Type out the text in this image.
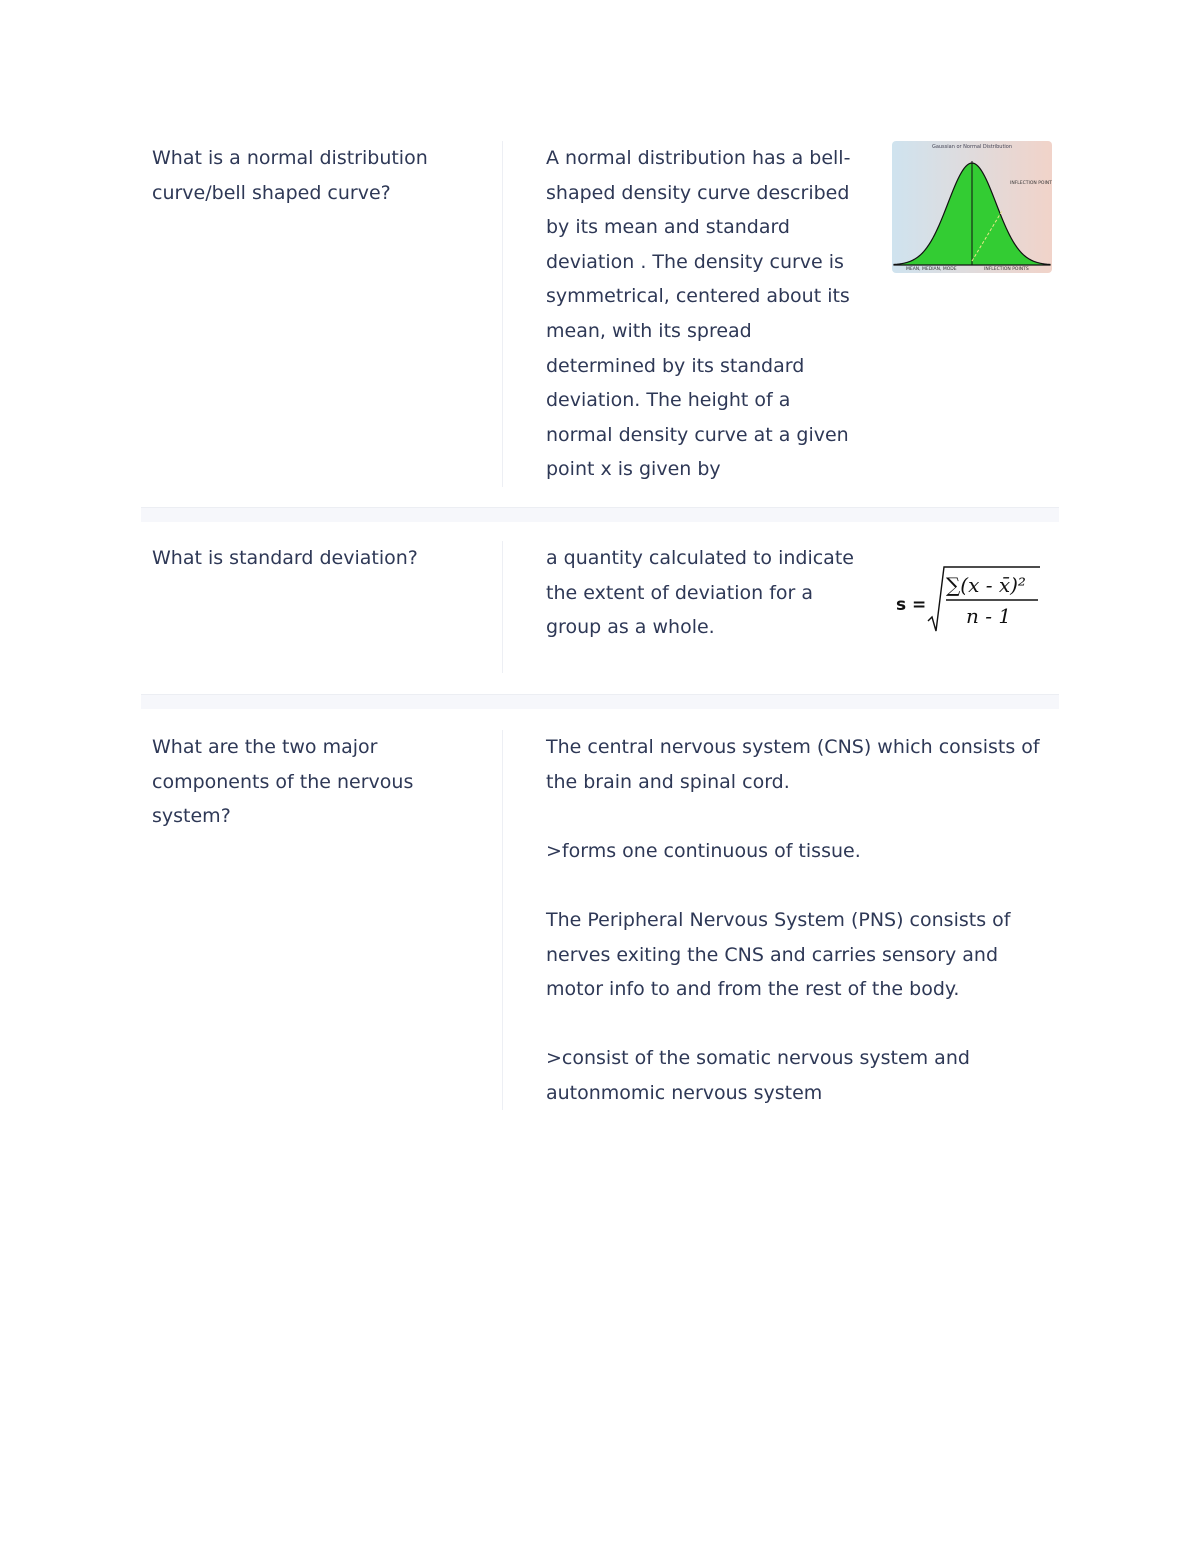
What is a normal distribution curve/bell shaped curve?

A normal distribution has a bell-shaped density curve described by its mean and standard deviation . The density curve is symmetrical, centered about its mean, with its spread determined by its standard deviation. The height of a normal density curve at a given point x is given by

Gaussian or Normal Distribution
INFLECTION POINT
MEAN, MEDIAN, MODE	INFLECTION POINTS
What is standard deviation?	a quantity calculated to indicate the extent of deviation for a group as a whole.

s =
∑(x - x̄)²
n - 1
What are the two major components of the nervous system?

The central nervous system (CNS) which consists of the brain and spinal cord.

>forms one continuous of tissue.

The Peripheral Nervous System (PNS) consists of nerves exiting the CNS and carries sensory and motor info to and from the rest of the body.

>consist of the somatic nervous system and autonmomic nervous system
